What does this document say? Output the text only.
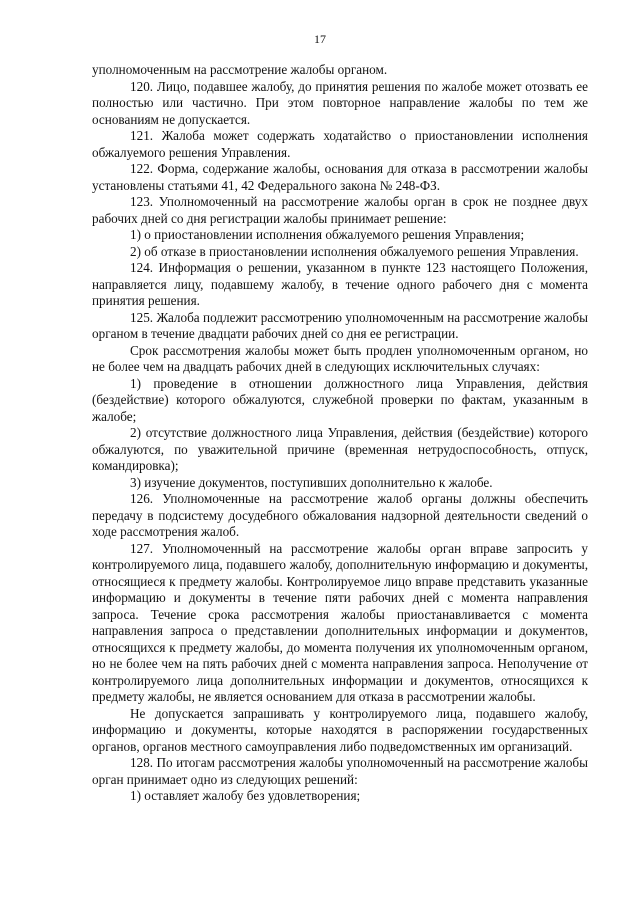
17

уполномоченным на рассмотрение жалобы органом.

120. Лицо, подавшее жалобу, до принятия решения по жалобе может отозвать ее полностью или частично. При этом повторное направление жалобы по тем же основаниям не допускается.

121. Жалоба может содержать ходатайство о приостановлении исполнения обжалуемого решения Управления.

122. Форма, содержание жалобы, основания для отказа в рассмотрении жалобы установлены статьями 41, 42 Федерального закона № 248-ФЗ.

123. Уполномоченный на рассмотрение жалобы орган в срок не позднее двух рабочих дней со дня регистрации жалобы принимает решение:

1) о приостановлении исполнения обжалуемого решения Управления;

2) об отказе в приостановлении исполнения обжалуемого решения Управления.

124. Информация о решении, указанном в пункте 123 настоящего Положения, направляется лицу, подавшему жалобу, в течение одного рабочего дня с момента принятия решения.

125. Жалоба подлежит рассмотрению уполномоченным на рассмотрение жалобы органом в течение двадцати рабочих дней со дня ее регистрации.

Срок рассмотрения жалобы может быть продлен уполномоченным органом, но не более чем на двадцать рабочих дней в следующих исключительных случаях:

1) проведение в отношении должностного лица Управления, действия (бездействие) которого обжалуются, служебной проверки по фактам, указанным в жалобе;

2) отсутствие должностного лица Управления, действия (бездействие) которого обжалуются, по уважительной причине (временная нетрудоспособность, отпуск, командировка);

3) изучение документов, поступивших дополнительно к жалобе.

126. Уполномоченные на рассмотрение жалоб органы должны обеспечить передачу в подсистему досудебного обжалования надзорной деятельности сведений о ходе рассмотрения жалоб.

127. Уполномоченный на рассмотрение жалобы орган вправе запросить у контролируемого лица, подавшего жалобу, дополнительную информацию и документы, относящиеся к предмету жалобы. Контролируемое лицо вправе представить указанные информацию и документы в течение пяти рабочих дней с момента направления запроса. Течение срока рассмотрения жалобы приостанавливается с момента направления запроса о представлении дополнительных информации и документов, относящихся к предмету жалобы, до момента получения их уполномоченным органом, но не более чем на пять рабочих дней с момента направления запроса. Неполучение от контролируемого лица дополнительных информации и документов, относящихся к предмету жалобы, не является основанием для отказа в рассмотрении жалобы.

Не допускается запрашивать у контролируемого лица, подавшего жалобу, информацию и документы, которые находятся в распоряжении государственных органов, органов местного самоуправления либо подведомственных им организаций.

128. По итогам рассмотрения жалобы уполномоченный на рассмотрение жалобы орган принимает одно из следующих решений:

1) оставляет жалобу без удовлетворения;
